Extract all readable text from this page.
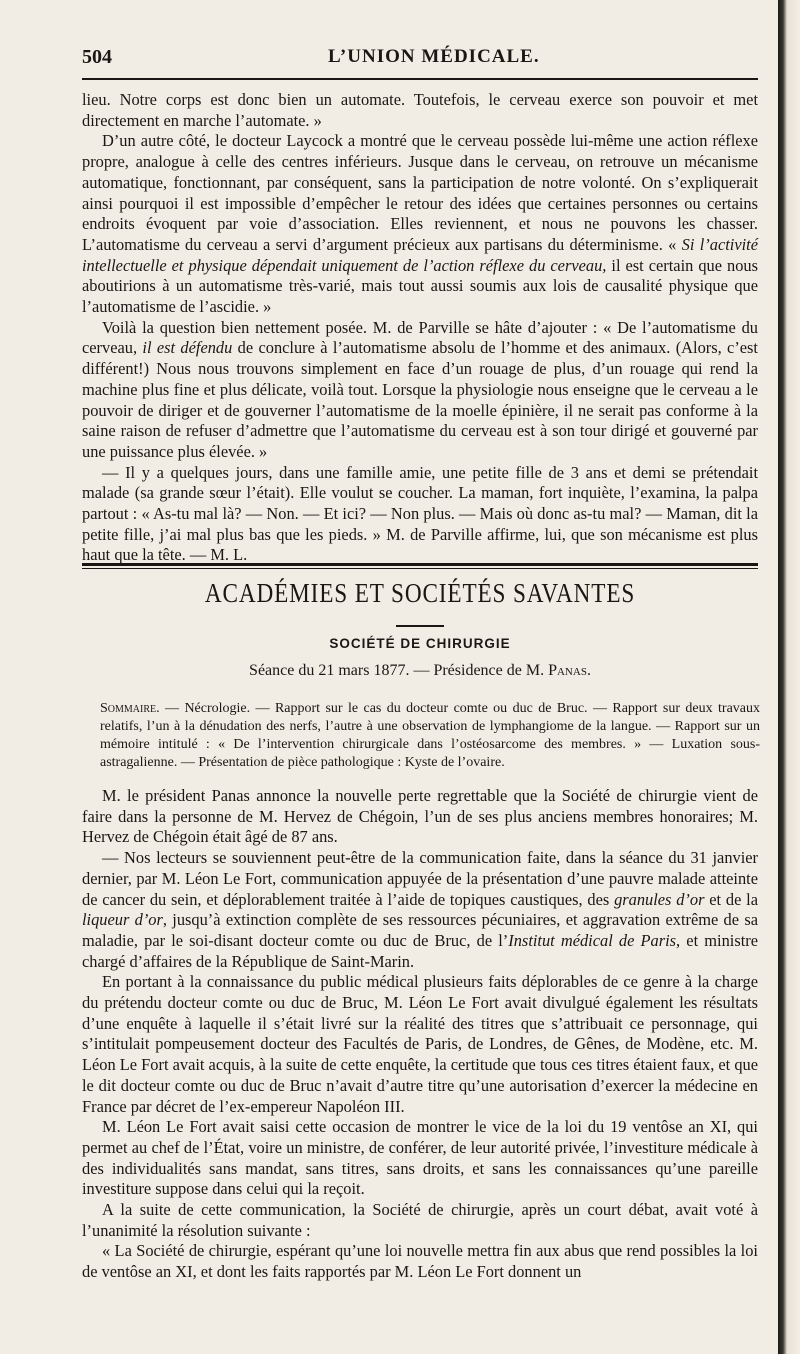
504	L’UNION MÉDICALE.

lieu. Notre corps est donc bien un automate. Toutefois, le cerveau exerce son pouvoir et met directement en marche l’automate. »

D’un autre côté, le docteur Laycock a montré que le cerveau possède lui-même une action réflexe propre, analogue à celle des centres inférieurs. Jusque dans le cerveau, on retrouve un mécanisme automatique, fonctionnant, par conséquent, sans la participation de notre volonté. On s’expliquerait ainsi pourquoi il est impossible d’empêcher le retour des idées que certaines personnes ou certains endroits évoquent par voie d’association. Elles reviennent, et nous ne pouvons les chasser. L’automatisme du cerveau a servi d’argument précieux aux partisans du déterminisme. « Si l’activité intellectuelle et physique dépendait uniquement de l’action réflexe du cerveau, il est certain que nous aboutirions à un automatisme très-varié, mais tout aussi soumis aux lois de causalité physique que l’automatisme de l’ascidie. »

Voilà la question bien nettement posée. M. de Parville se hâte d’ajouter : « De l’automatisme du cerveau, il est défendu de conclure à l’automatisme absolu de l’homme et des animaux. (Alors, c’est différent!) Nous nous trouvons simplement en face d’un rouage de plus, d’un rouage qui rend la machine plus fine et plus délicate, voilà tout. Lorsque la physiologie nous enseigne que le cerveau a le pouvoir de diriger et de gouverner l’automatisme de la moelle épinière, il ne serait pas conforme à la saine raison de refuser d’admettre que l’automatisme du cerveau est à son tour dirigé et gouverné par une puissance plus élevée. »

— Il y a quelques jours, dans une famille amie, une petite fille de 3 ans et demi se prétendait malade (sa grande sœur l’était). Elle voulut se coucher. La maman, fort inquiète, l’examina, la palpa partout : « As-tu mal là? — Non. — Et ici? — Non plus. — Mais où donc as-tu mal? — Maman, dit la petite fille, j’ai mal plus bas que les pieds. » M. de Parville affirme, lui, que son mécanisme est plus haut que la tête. — M. L.

ACADÉMIES ET SOCIÉTÉS SAVANTES
SOCIÉTÉ DE CHIRURGIE
Séance du 21 mars 1877. — Présidence de M. Panas.
Sommaire. — Nécrologie. — Rapport sur le cas du docteur comte ou duc de Bruc. — Rapport sur deux travaux relatifs, l’un à la dénudation des nerfs, l’autre à une observation de lymphangiome de la langue. — Rapport sur un mémoire intitulé : « De l’intervention chirurgicale dans l’ostéosarcome des membres. » — Luxation sous-astragalienne. — Présentation de pièce pathologique : Kyste de l’ovaire.

M. le président Panas annonce la nouvelle perte regrettable que la Société de chirurgie vient de faire dans la personne de M. Hervez de Chégoin, l’un de ses plus anciens membres honoraires; M. Hervez de Chégoin était âgé de 87 ans.

— Nos lecteurs se souviennent peut-être de la communication faite, dans la séance du 31 janvier dernier, par M. Léon Le Fort, communication appuyée de la présentation d’une pauvre malade atteinte de cancer du sein, et déplorablement traitée à l’aide de topiques caustiques, des granules d’or et de la liqueur d’or, jusqu’à extinction complète de ses ressources pécuniaires, et aggravation extrême de sa maladie, par le soi-disant docteur comte ou duc de Bruc, de l’Institut médical de Paris, et ministre chargé d’affaires de la République de Saint-Marin.

En portant à la connaissance du public médical plusieurs faits déplorables de ce genre à la charge du prétendu docteur comte ou duc de Bruc, M. Léon Le Fort avait divulgué également les résultats d’une enquête à laquelle il s’était livré sur la réalité des titres que s’attribuait ce personnage, qui s’intitulait pompeusement docteur des Facultés de Paris, de Londres, de Gênes, de Modène, etc. M. Léon Le Fort avait acquis, à la suite de cette enquête, la certitude que tous ces titres étaient faux, et que le dit docteur comte ou duc de Bruc n’avait d’autre titre qu’une autorisation d’exercer la médecine en France par décret de l’ex-empereur Napoléon III.

M. Léon Le Fort avait saisi cette occasion de montrer le vice de la loi du 19 ventôse an XI, qui permet au chef de l’État, voire un ministre, de conférer, de leur autorité privée, l’investiture médicale à des individualités sans mandat, sans titres, sans droits, et sans les connaissances qu’une pareille investiture suppose dans celui qui la reçoit.

A la suite de cette communication, la Société de chirurgie, après un court débat, avait voté à l’unanimité la résolution suivante :

« La Société de chirurgie, espérant qu’une loi nouvelle mettra fin aux abus que rend possibles la loi de ventôse an XI, et dont les faits rapportés par M. Léon Le Fort donnent un
